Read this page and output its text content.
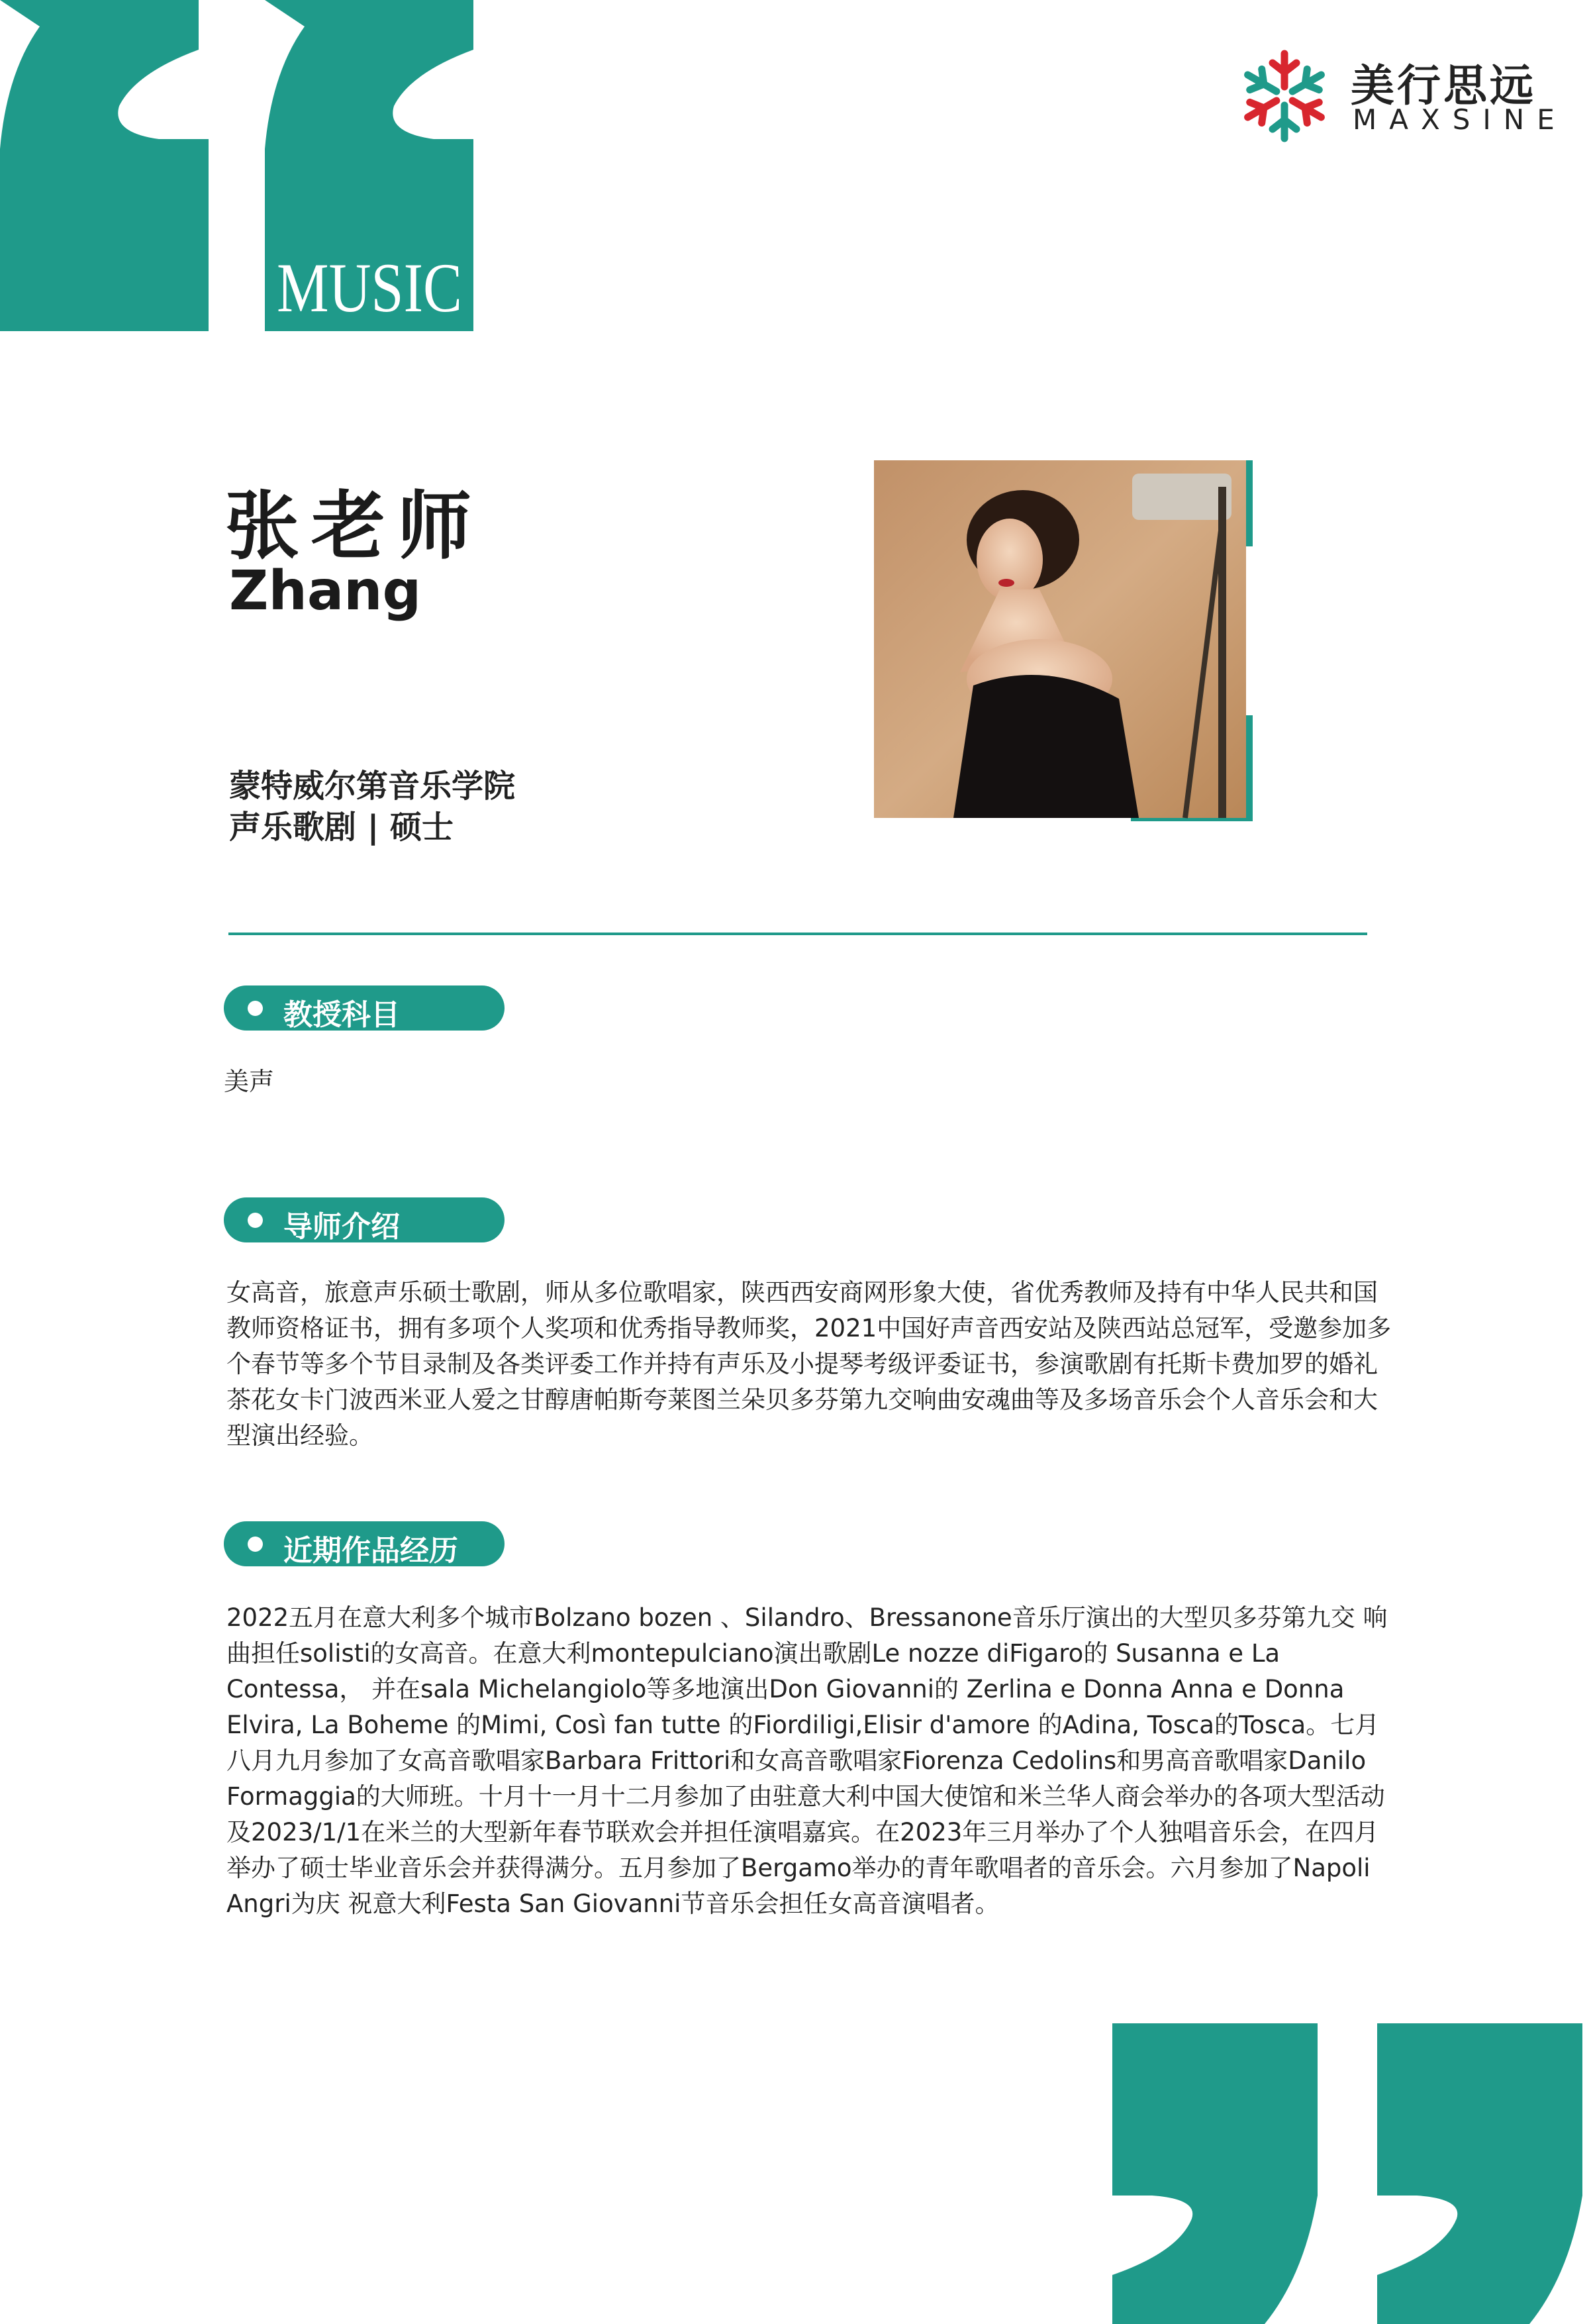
MUSIC
美行思远
MAXSINE
张老师
Zhang
蒙特威尔第音乐学院
声乐歌剧 | 硕士
教授科目
美声
导师介绍
女高音，旅意声乐硕士歌剧，师从多位歌唱家，陕西西安商网形象大使，省优秀教师及持有中华人民共和国教师资格证书，拥有多项个人奖项和优秀指导教师奖，2021中国好声音西安站及陕西站总冠军，受邀参加多个春节等多个节目录制及各类评委工作并持有声乐及小提琴考级评委证书，参演歌剧有托斯卡费加罗的婚礼茶花女卡门波西米亚人爱之甘醇唐帕斯夸莱图兰朵贝多芬第九交响曲安魂曲等及多场音乐会个人音乐会和大型演出经验。
近期作品经历
2022五月在意大利多个城市Bolzano bozen 、Silandro、Bressanone音乐厅演出的大型贝多芬第九交 响曲担任solisti的女高音。在意大利montepulciano演出歌剧Le nozze diFigaro的 Susanna e La Contessa， 并在sala Michelangiolo等多地演出Don Giovanni的 Zerlina e Donna Anna e Donna Elvira, La Boheme 的Mimi, Così fan tutte 的Fiordiligi,Elisir d'amore 的Adina, Tosca的Tosca。七月八月九月参加了女高音歌唱家Barbara Frittori和女高音歌唱家Fiorenza Cedolins和男高音歌唱家Danilo Formaggia的大师班。十月十一月十二月参加了由驻意大利中国大使馆和米兰华人商会举办的各项大型活动及2023/1/1在米兰的大型新年春节联欢会并担任演唱嘉宾。在2023年三月举办了个人独唱音乐会，在四月举办了硕士毕业音乐会并获得满分。五月参加了Bergamo举办的青年歌唱者的音乐会。六月参加了Napoli Angri为庆 祝意大利Festa San Giovanni节音乐会担任女高音演唱者。
